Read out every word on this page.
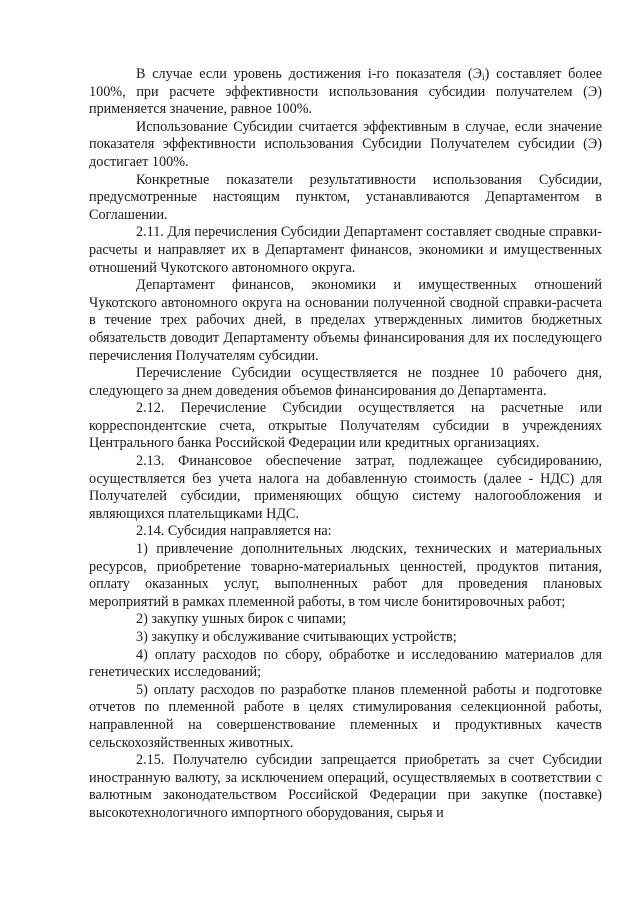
В случае если уровень достижения i-го показателя $(Э_i)$ составляет более 100%, при расчете эффективности использования субсидии получателем (Э) применяется значение, равное 100%.

Использование Субсидии считается эффективным в случае, если значение показателя эффективности использования Субсидии Получателем субсидии (Э) достигает 100%.

Конкретные показатели результативности использования Субсидии, предусмотренные настоящим пунктом, устанавливаются Департаментом в Соглашении.

2.11. Для перечисления Субсидии Департамент составляет сводные справки-расчеты и направляет их в Департамент финансов, экономики и имущественных отношений Чукотского автономного округа.

Департамент финансов, экономики и имущественных отношений Чукотского автономного округа на основании полученной сводной справки-расчета в течение трех рабочих дней, в пределах утвержденных лимитов бюджетных обязательств доводит Департаменту объемы финансирования для их последующего перечисления Получателям субсидии.

Перечисление Субсидии осуществляется не позднее 10 рабочего дня, следующего за днем доведения объемов финансирования до Департамента.

2.12. Перечисление Субсидии осуществляется на расчетные или корреспондентские счета, открытые Получателям субсидии в учреждениях Центрального банка Российской Федерации или кредитных организациях.

2.13. Финансовое обеспечение затрат, подлежащее субсидированию, осуществляется без учета налога на добавленную стоимость (далее - НДС) для Получателей субсидии, применяющих общую систему налогообложения и являющихся плательщиками НДС.

2.14. Субсидия направляется на:

1) привлечение дополнительных людских, технических и материальных ресурсов, приобретение товарно-материальных ценностей, продуктов питания, оплату оказанных услуг, выполненных работ для проведения плановых мероприятий в рамках племенной работы, в том числе бонитировочных работ;

2) закупку ушных бирок с чипами;

3) закупку и обслуживание считывающих устройств;

4) оплату расходов по сбору, обработке и исследованию материалов для генетических исследований;

5) оплату расходов по разработке планов племенной работы и подготовке отчетов по племенной работе в целях стимулирования селекционной работы, направленной на совершенствование племенных и продуктивных качеств сельскохозяйственных животных.

2.15. Получателю субсидии запрещается приобретать за счет Субсидии иностранную валюту, за исключением операций, осуществляемых в соответствии с валютным законодательством Российской Федерации при закупке (поставке) высокотехнологичного импортного оборудования, сырья и
